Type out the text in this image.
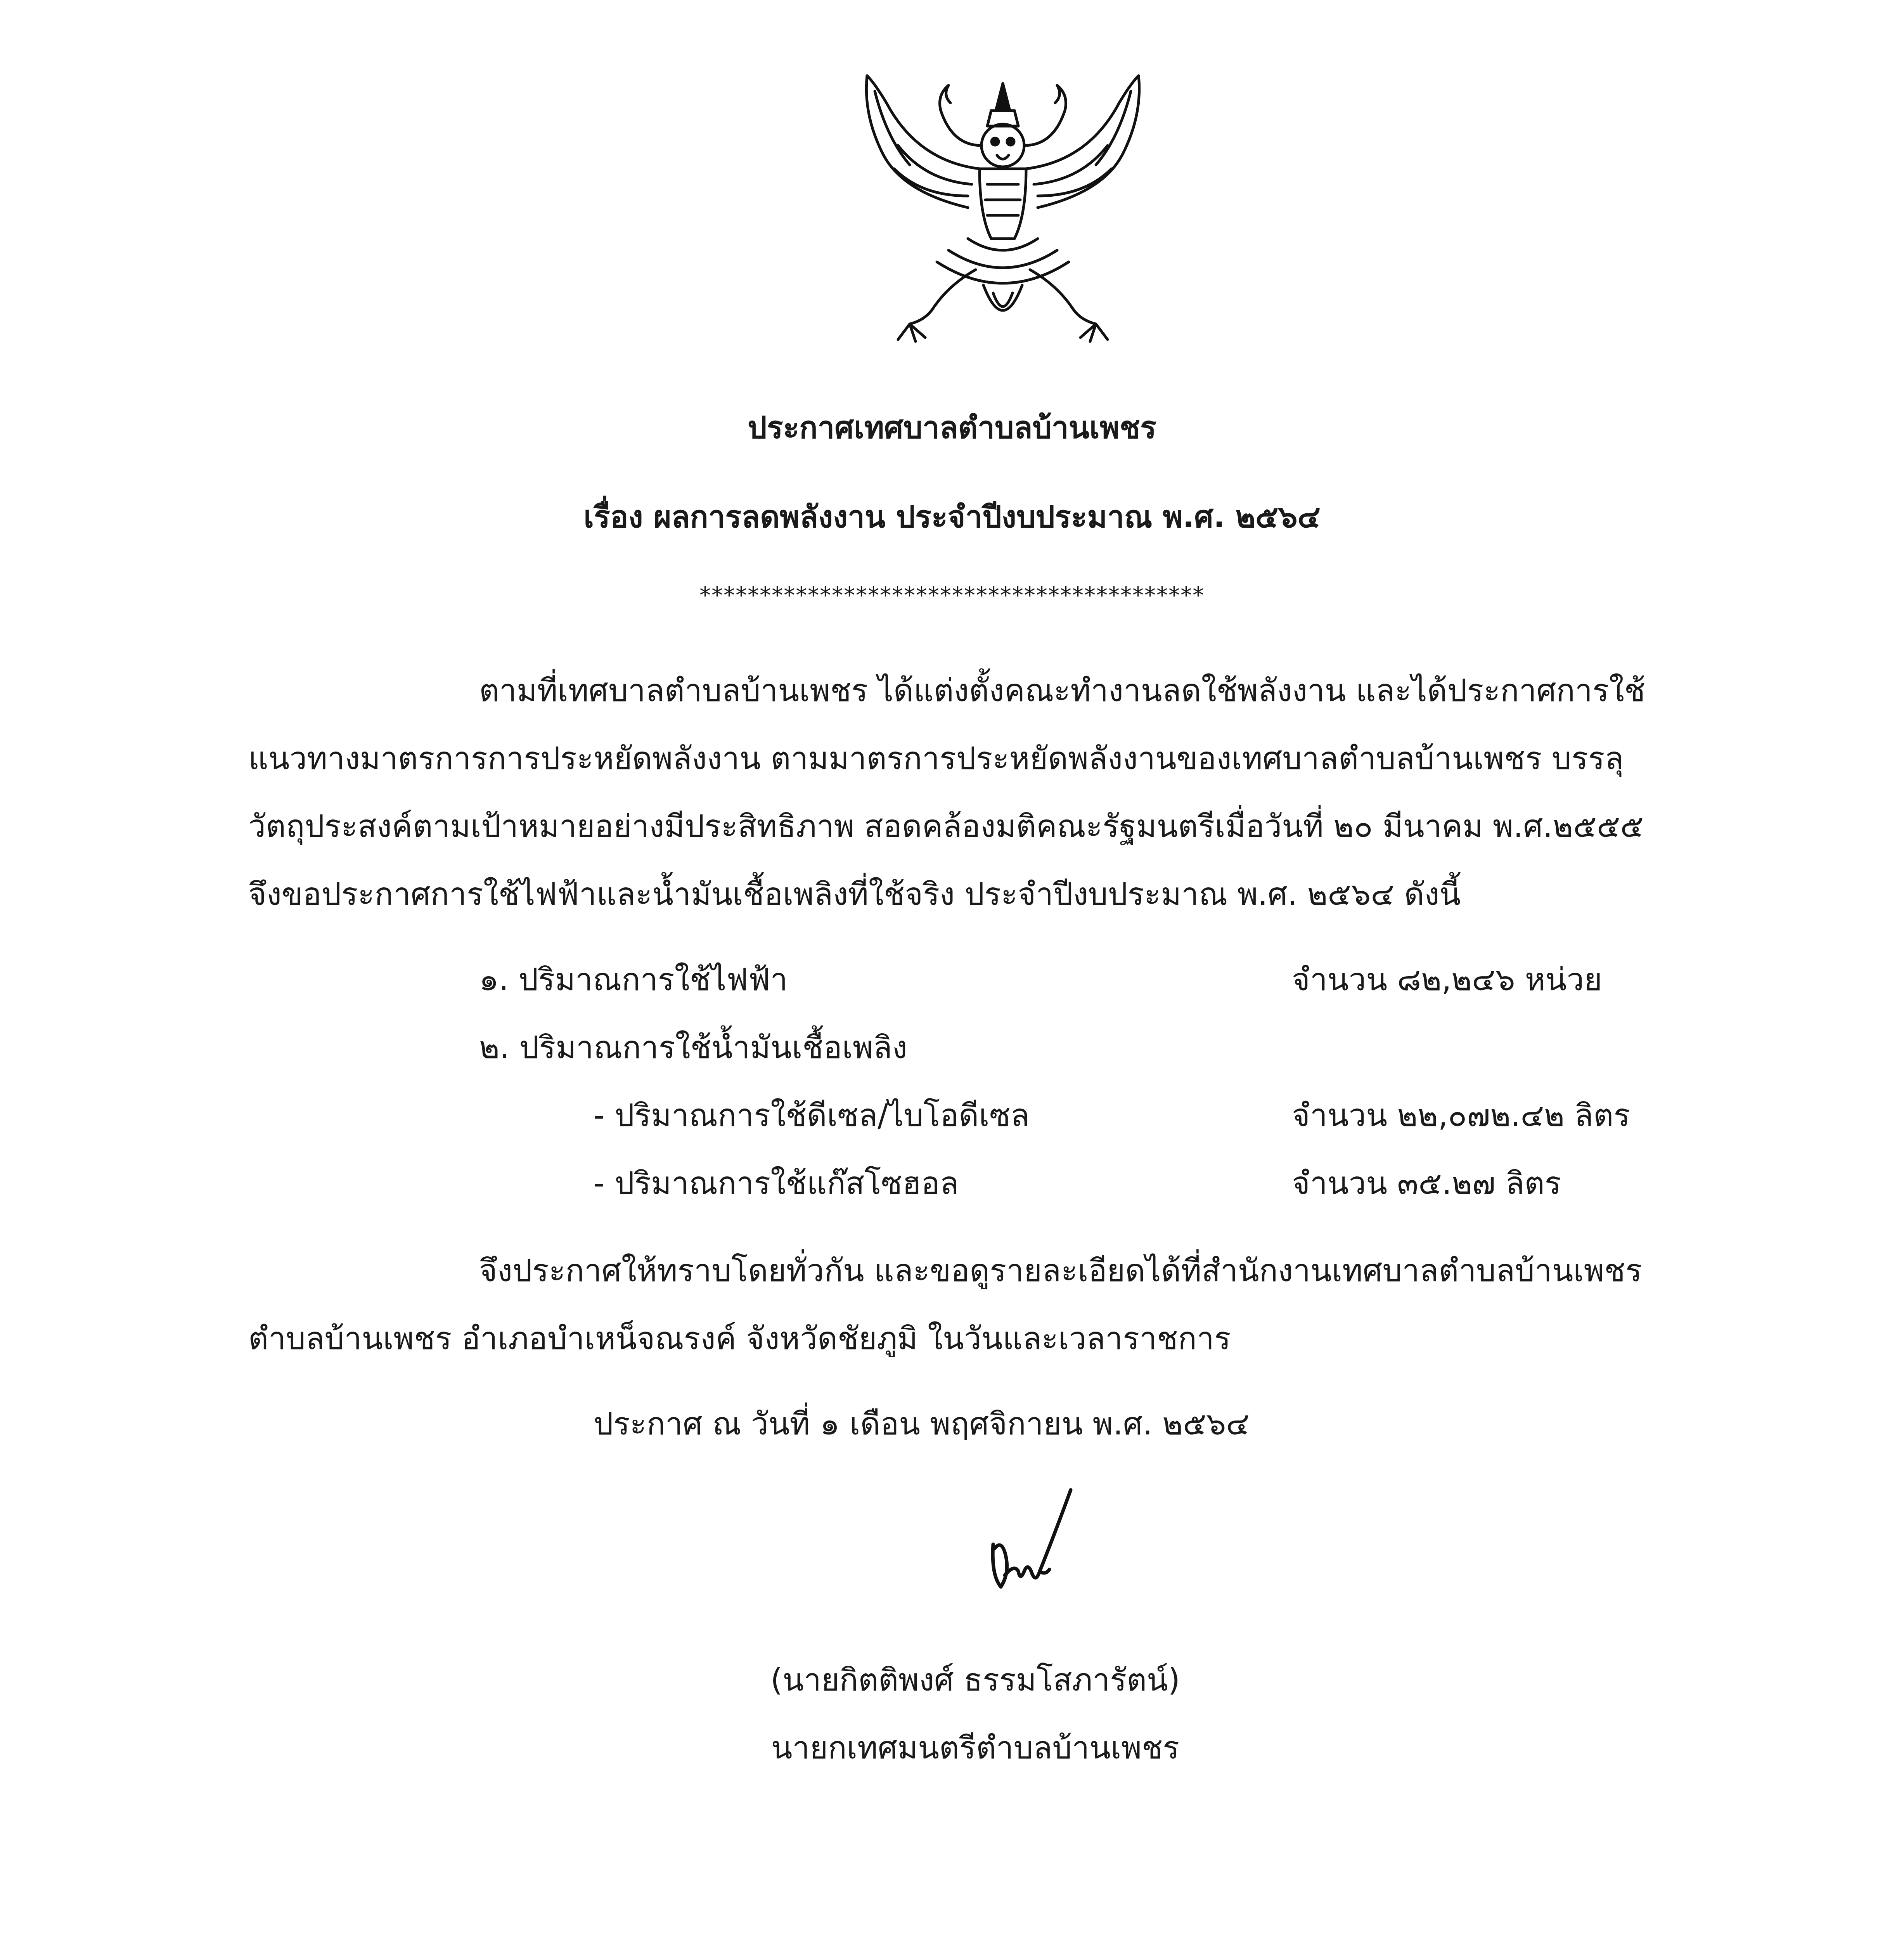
ประกาศเทศบาลตำบลบ้านเพชร
เรื่อง ผลการลดพลังงาน ประจำปีงบประมาณ พ.ศ. ๒๕๖๔
******************************************
ตามที่เทศบาลตำบลบ้านเพชร ได้แต่งตั้งคณะทำงานลดใช้พลังงาน และได้ประกาศการใช้
แนวทางมาตรการการประหยัดพลังงาน ตามมาตรการประหยัดพลังงานของเทศบาลตำบลบ้านเพชร บรรลุ
วัตถุประสงค์ตามเป้าหมายอย่างมีประสิทธิภาพ สอดคล้องมติคณะรัฐมนตรีเมื่อวันที่ ๒๐ มีนาคม พ.ศ.๒๕๕๕
จึงขอประกาศการใช้ไฟฟ้าและน้ำมันเชื้อเพลิงที่ใช้จริง ประจำปีงบประมาณ พ.ศ. ๒๕๖๔ ดังนี้
๑. ปริมาณการใช้ไฟฟ้า	จำนวน ๘๒,๒๔๖ หน่วย
๒. ปริมาณการใช้น้ำมันเชื้อเพลิง
- ปริมาณการใช้ดีเซล/ไบโอดีเซล	จำนวน ๒๒,๐๗๒.๔๒ ลิตร
- ปริมาณการใช้แก๊สโซฮอล	จำนวน ๓๕.๒๗ ลิตร
จึงประกาศให้ทราบโดยทั่วกัน และขอดูรายละเอียดได้ที่สำนักงานเทศบาลตำบลบ้านเพชร
ตำบลบ้านเพชร อำเภอบำเหน็จณรงค์ จังหวัดชัยภูมิ ในวันและเวลาราชการ
ประกาศ ณ วันที่ ๑ เดือน พฤศจิกายน พ.ศ. ๒๕๖๔
(นายกิตติพงศ์ ธรรมโสภารัตน์)
นายกเทศมนตรีตำบลบ้านเพชร
